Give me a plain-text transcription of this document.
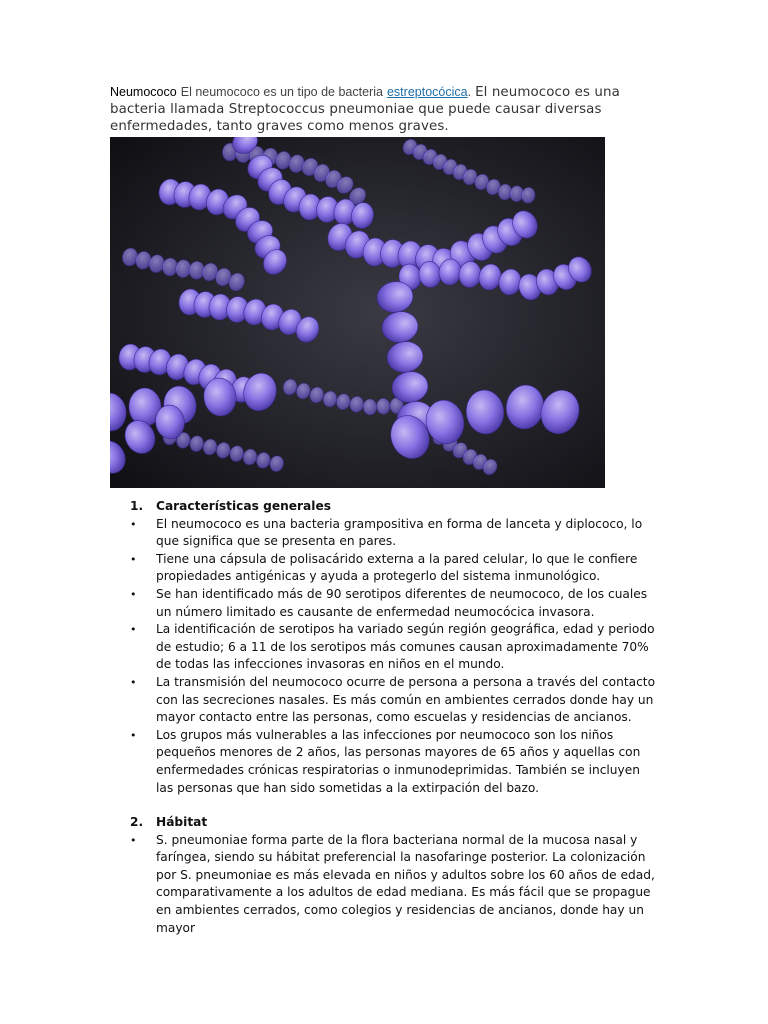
Neumococo El neumococo es un tipo de bacteria estreptocócica. El neumococo es una bacteria llamada Streptococcus pneumoniae que puede causar diversas enfermedades, tanto graves como menos graves.
1.	Características generales
•	El neumococo es una bacteria grampositiva en forma de lanceta y diplococo, lo que significa que se presenta en pares.
•	Tiene una cápsula de polisacárido externa a la pared celular, lo que le confiere propiedades antigénicas y ayuda a protegerlo del sistema inmunológico.
•	Se han identificado más de 90 serotipos diferentes de neumococo, de los cuales un número limitado es causante de enfermedad neumocócica invasora.
•	La identificación de serotipos ha variado según región geográfica, edad y periodo de estudio; 6 a 11 de los serotipos más comunes causan aproximadamente 70% de todas las infecciones invasoras en niños en el mundo.
•	La transmisión del neumococo ocurre de persona a persona a través del contacto con las secreciones nasales. Es más común en ambientes cerrados donde hay un mayor contacto entre las personas, como escuelas y residencias de ancianos.
•	Los grupos más vulnerables a las infecciones por neumococo son los niños pequeños menores de 2 años, las personas mayores de 65 años y aquellas con enfermedades crónicas respiratorias o inmunodeprimidas. También se incluyen las personas que han sido sometidas a la extirpación del bazo.
2.	Hábitat
•	S. pneumoniae forma parte de la flora bacteriana normal de la mucosa nasal y faríngea, siendo su hábitat preferencial la nasofaringe posterior. La colonización por S. pneumoniae es más elevada en niños y adultos sobre los 60 años de edad, comparativamente a los adultos de edad mediana. Es más fácil que se propague en ambientes cerrados, como colegios y residencias de ancianos, donde hay un mayor
